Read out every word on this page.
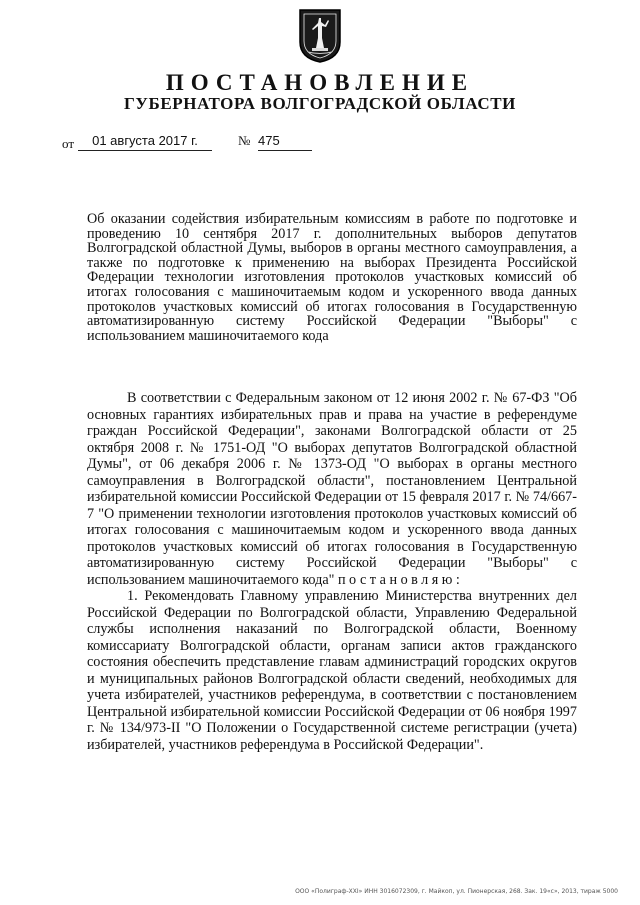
ПОСТАНОВЛЕНИЕ
ГУБЕРНАТОРА ВОЛГОГРАДСКОЙ ОБЛАСТИ
от	01 августа 2017 г.	№ 475
Об оказании содействия избирательным комиссиям в работе по подготовке и проведению 10 сентября 2017 г. дополнительных выборов депутатов Волгоградской областной Думы, выборов в органы местного самоуправления, а также по подготовке к применению на выборах Президента Российской Федерации технологии изготовления протоколов участковых комиссий об итогах голосования с машиночитаемым кодом и ускоренного ввода данных протоколов участковых комиссий об итогах голосования в Государственную автоматизированную систему Российской Федерации "Выборы" с использованием машиночитаемого кода

В соответствии с Федеральным законом от 12 июня 2002 г. № 67-ФЗ "Об основных гарантиях избирательных прав и права на участие в референдуме граждан Российской Федерации", законами Волгоградской области от 25 октября 2008 г. № 1751-ОД "О выборах депутатов Волгоградской областной Думы", от 06 декабря 2006 г. № 1373-ОД "О выборах в органы местного самоуправления в Волгоградской области", постановлением Центральной избирательной комиссии Российской Федерации от 15 февраля 2017 г. № 74/667-7 "О применении технологии изготовления протоколов участковых комиссий об итогах голосования с машиночитаемым кодом и ускоренного ввода данных протоколов участковых комиссий об итогах голосования в Государственную автоматизированную систему Российской Федерации "Выборы" с использованием машиночитаемого кода" постановляю:

1. Рекомендовать Главному управлению Министерства внутренних дел Российской Федерации по Волгоградской области, Управлению Федеральной службы исполнения наказаний по Волгоградской области, Военному комиссариату Волгоградской области, органам записи актов гражданского состояния обеспечить представление главам администраций городских округов и муниципальных районов Волгоградской области сведений, необходимых для учета избирателей, участников референдума, в соответствии с постановлением Центральной избирательной комиссии Российской Федерации от 06 ноября 1997 г. № 134/973-II "О Положении о Государственной системе регистрации (учета) избирателей, участников референдума в Российской Федерации".

ООО «Полиграф-ХХI» ИНН 3016072309, г. Майкоп, ул. Пионерская, 268. Зак. 19«с», 2013, тираж 5000
